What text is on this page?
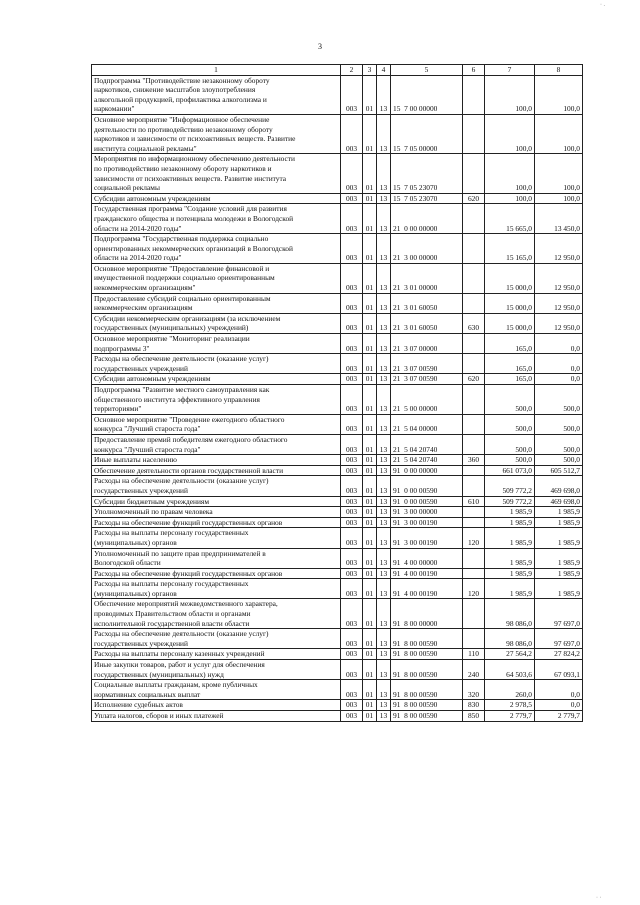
3
· .
· ·
1	2	3	4	5	6	7	8
Подпрограмма "Противодействие незаконному обороту
наркотиков, снижение масштабов злоупотребления
алкогольной продукцией, профилактика алкоголизма и
наркомании"	003	01	13	15  7 00 00000		100,0	100,0
Основное мероприятие "Информационное обеспечение
деятельности по противодействию незаконному обороту
наркотиков и зависимости от психоактивных веществ. Развитие
института социальной рекламы"	003	01	13	15  7 05 00000		100,0	100,0
Мероприятия по информационному обеспечению деятельности
по противодействию незаконному обороту наркотиков и
зависимости от психоактивных веществ. Развитие института
социальной рекламы	003	01	13	15  7 05 23070		100,0	100,0
Субсидии автономным учреждениям	003	01	13	15  7 05 23070	620	100,0	100,0
Государственная программа "Создание условий для развития
гражданского общества и потенциала молодежи в Вологодской
области на 2014-2020 годы"	003	01	13	21  0 00 00000		15 665,0	13 450,0
Подпрограмма "Государственная поддержка социально
ориентированных некоммерческих организаций в Вологодской
области на 2014-2020 годы"	003	01	13	21  3 00 00000		15 165,0	12 950,0
Основное мероприятие "Предоставление финансовой и
имущественной поддержки социально ориентированным
некоммерческим организациям"	003	01	13	21  3 01 00000		15 000,0	12 950,0
Предоставление субсидий социально ориентированным
некоммерческим организациям	003	01	13	21  3 01 60050		15 000,0	12 950,0
Субсидии некоммерческим организациям (за исключением
государственных (муниципальных) учреждений)	003	01	13	21  3 01 60050	630	15 000,0	12 950,0
Основное мероприятие "Мониторинг реализации
подпрограммы 3"	003	01	13	21  3 07 00000		165,0	0,0
Расходы на обеспечение деятельности (оказание услуг)
государственных учреждений	003	01	13	21  3 07 00590		165,0	0,0
Субсидии автономным учреждениям	003	01	13	21  3 07 00590	620	165,0	0,0
Подпрограмма "Развитие местного самоуправления как
общественного института эффективного управления
территориями"	003	01	13	21  5 00 00000		500,0	500,0
Основное мероприятие "Проведение ежегодного областного
конкурса "Лучший староста года"	003	01	13	21  5 04 00000		500,0	500,0
Предоставление премий победителям ежегодного областного
конкурса "Лучший староста года"	003	01	13	21  5 04 20740		500,0	500,0
Иные выплаты населению	003	01	13	21  5 04 20740	360	500,0	500,0
Обеспечение деятельности органов государственной власти	003	01	13	91  0 00 00000		661 073,0	605 512,7
Расходы на обеспечение деятельности (оказание услуг)
государственных учреждений	003	01	13	91  0 00 00590		509 772,2	469 698,0
Субсидии бюджетным учреждениям	003	01	13	91  0 00 00590	610	509 772,2	469 698,0
Уполномоченный по правам человека	003	01	13	91  3 00 00000		1 985,9	1 985,9
Расходы на обеспечение функций государственных органов	003	01	13	91  3 00 00190		1 985,9	1 985,9
Расходы на выплаты персоналу государственных
(муниципальных) органов	003	01	13	91  3 00 00190	120	1 985,9	1 985,9
Уполномоченный по защите прав предпринимателей в
Вологодской области	003	01	13	91  4 00 00000		1 985,9	1 985,9
Расходы на обеспечение функций государственных органов	003	01	13	91  4 00 00190		1 985,9	1 985,9
Расходы на выплаты персоналу государственных
(муниципальных) органов	003	01	13	91  4 00 00190	120	1 985,9	1 985,9
Обеспечение мероприятий межведомственного характера,
проводимых Правительством области и органами
исполнительной государственной власти области	003	01	13	91  8 00 00000		98 086,0	97 697,0
Расходы на обеспечение деятельности (оказание услуг)
государственных учреждений	003	01	13	91  8 00 00590		98 086,0	97 697,0
Расходы на выплаты персоналу казенных учреждений	003	01	13	91  8 00 00590	110	27 564,2	27 824,2
Иные закупки товаров, работ и услуг для обеспечения
государственных (муниципальных) нужд	003	01	13	91  8 00 00590	240	64 503,6	67 093,1
Социальные выплаты гражданам, кроме публичных
нормативных социальных выплат	003	01	13	91  8 00 00590	320	260,0	0,0
Исполнение судебных актов	003	01	13	91  8 00 00590	830	2 978,5	0,0
Уплата налогов, сборов и иных платежей	003	01	13	91  8 00 00590	850	2 779,7	2 779,7
